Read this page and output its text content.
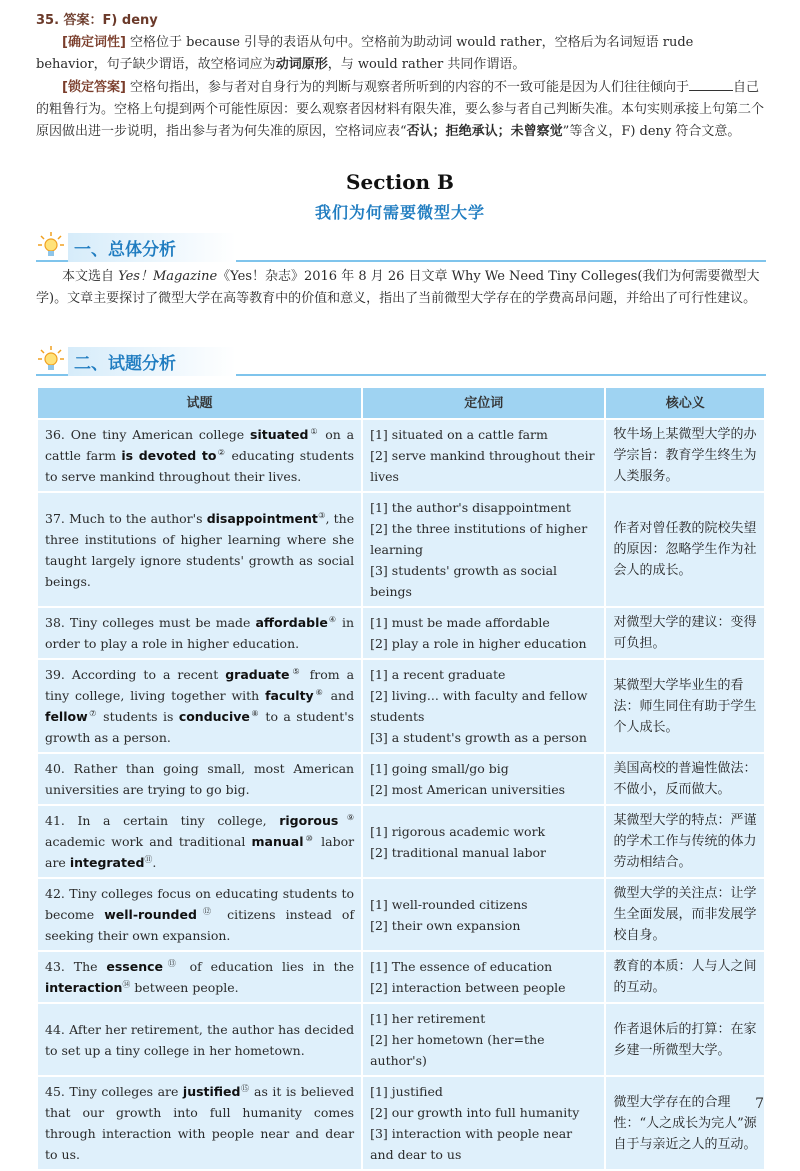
35. 答案：F) deny

[确定词性] 空格位于 because 引导的表语从句中。空格前为助动词 would rather，空格后为名词短语 rude behavior，句子缺少谓语，故空格词应为动词原形，与 would rather 共同作谓语。

[锁定答案] 空格句指出，参与者对自身行为的判断与观察者所听到的内容的不一致可能是因为人们往往倾向于	自己的粗鲁行为。空格上句提到两个可能性原因：要么观察者因材料有限失准，要么参与者自己判断失准。本句实则承接上句第二个原因做出进一步说明，指出参与者为何失准的原因，空格词应表“否认；拒绝承认；未曾察觉”等含义，F) deny 符合文意。

Section B
我们为何需要微型大学
一、总体分析

本文选自 Yes！Magazine《Yes！杂志》2016 年 8 月 26 日文章 Why We Need Tiny Colleges(我们为何需要微型大学)。文章主要探讨了微型大学在高等教育中的价值和意义，指出了当前微型大学存在的学费高昂问题，并给出了可行性建议。

二、试题分析
试题	定位词	核心义
36. One tiny American college situated① on a cattle farm is devoted to② educating students to serve mankind throughout their lives.	[1] situated on a cattle farm
[2] serve mankind throughout their lives	牧牛场上某微型大学的办学宗旨：教育学生终生为人类服务。
37. Much to the author's disappointment③, the three institutions of higher learning where she taught largely ignore students' growth as social beings.	[1] the author's disappointment
[2] the three institutions of higher learning
[3] students' growth as social beings	作者对曾任教的院校失望的原因：忽略学生作为社会人的成长。
38. Tiny colleges must be made affordable④ in order to play a role in higher education.	[1] must be made affordable
[2] play a role in higher education	对微型大学的建议：变得可负担。
39. According to a recent graduate⑤ from a tiny college, living together with faculty⑥ and fellow⑦ students is conducive⑧ to a student's growth as a person.	[1] a recent graduate
[2] living... with faculty and fellow students
[3] a student's growth as a person	某微型大学毕业生的看法：师生同住有助于学生个人成长。
40. Rather than going small, most American universities are trying to go big.	[1] going small/go big
[2] most American universities	美国高校的普遍性做法：不做小，反而做大。
41. In a certain tiny college, rigorous⑨ academic work and traditional manual⑩ labor are integrated⑪.	[1] rigorous academic work
[2] traditional manual labor	某微型大学的特点：严谨的学术工作与传统的体力劳动相结合。
42. Tiny colleges focus on educating students to become well-rounded⑫ citizens instead of seeking their own expansion.	[1] well-rounded citizens
[2] their own expansion	微型大学的关注点：让学生全面发展，而非发展学校自身。
43. The essence⑬ of education lies in the interaction⑭ between people.	[1] The essence of education
[2] interaction between people	教育的本质：人与人之间的互动。
44. After her retirement, the author has decided to set up a tiny college in her hometown.	[1] her retirement
[2] her hometown (her=the author's)	作者退休后的打算：在家乡建一所微型大学。
45. Tiny colleges are justified⑮ as it is believed that our growth into full humanity comes through interaction with people near and dear to us.	[1] justified
[2] our growth into full humanity
[3] interaction with people near and dear to us	微型大学存在的合理性：“人之成长为完人”源自于与亲近之人的互动。
7
